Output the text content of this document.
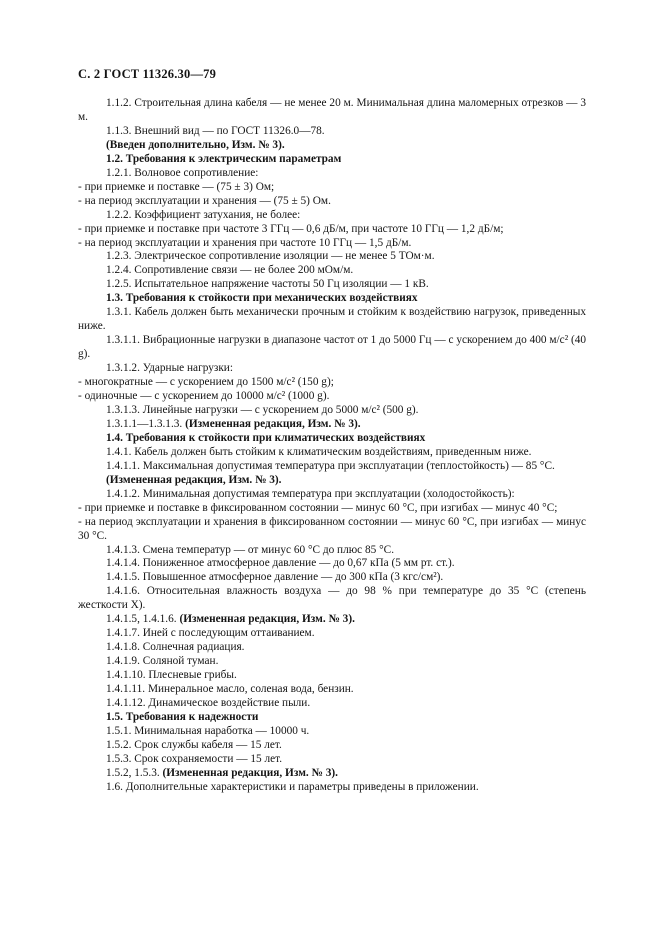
С. 2 ГОСТ 11326.30—79

1.1.2. Строительная длина кабеля — не менее 20 м. Минимальная длина маломерных отрезков — 3 м.

1.1.3. Внешний вид — по ГОСТ 11326.0—78.

(Введен дополнительно, Изм. № 3).

1.2. Требования к электрическим параметрам

1.2.1. Волновое сопротивление:

- при приемке и поставке — (75 ± 3) Ом;

- на период эксплуатации и хранения — (75 ± 5) Ом.

1.2.2. Коэффициент затухания, не более:

- при приемке и поставке при частоте 3 ГГц — 0,6 дБ/м, при частоте 10 ГГц — 1,2 дБ/м;

- на период эксплуатации и хранения при частоте 10 ГГц — 1,5 дБ/м.

1.2.3. Электрическое сопротивление изоляции — не менее 5 ТОм·м.

1.2.4. Сопротивление связи — не более 200 мОм/м.

1.2.5. Испытательное напряжение частоты 50 Гц изоляции — 1 кВ.

1.3. Требования к стойкости при механических воздействиях

1.3.1. Кабель должен быть механически прочным и стойким к воздействию нагрузок, приведенных ниже.

1.3.1.1. Вибрационные нагрузки в диапазоне частот от 1 до 5000 Гц — с ускорением до 400 м/с² (40 g).

1.3.1.2. Ударные нагрузки:

- многократные — с ускорением до 1500 м/с² (150 g);

- одиночные — с ускорением до 10000 м/с² (1000 g).

1.3.1.3. Линейные нагрузки — с ускорением до 5000 м/с² (500 g).

1.3.1.1—1.3.1.3. (Измененная редакция, Изм. № 3).

1.4. Требования к стойкости при климатических воздействиях

1.4.1. Кабель должен быть стойким к климатическим воздействиям, приведенным ниже.

1.4.1.1. Максимальная допустимая температура при эксплуатации (теплостойкость) — 85 °С.

(Измененная редакция, Изм. № 3).

1.4.1.2. Минимальная допустимая температура при эксплуатации (холодостойкость):

- при приемке и поставке в фиксированном состоянии — минус 60 °С, при изгибах — минус 40 °С;

- на период эксплуатации и хранения в фиксированном состоянии — минус 60 °С, при изгибах — минус 30 °С.

1.4.1.3. Смена температур — от минус 60 °С до плюс 85 °С.

1.4.1.4. Пониженное атмосферное давление — до 0,67 кПа (5 мм рт. ст.).

1.4.1.5. Повышенное атмосферное давление — до 300 кПа (3 кгс/см²).

1.4.1.6. Относительная влажность воздуха — до 98 % при температуре до 35 °С (степень жесткости X).

1.4.1.5, 1.4.1.6. (Измененная редакция, Изм. № 3).

1.4.1.7. Иней с последующим оттаиванием.

1.4.1.8. Солнечная радиация.

1.4.1.9. Соляной туман.

1.4.1.10. Плесневые грибы.

1.4.1.11. Минеральное масло, соленая вода, бензин.

1.4.1.12. Динамическое воздействие пыли.

1.5. Требования к надежности

1.5.1. Минимальная наработка — 10000 ч.

1.5.2. Срок службы кабеля — 15 лет.

1.5.3. Срок сохраняемости — 15 лет.

1.5.2, 1.5.3. (Измененная редакция, Изм. № 3).

1.6. Дополнительные характеристики и параметры приведены в приложении.
